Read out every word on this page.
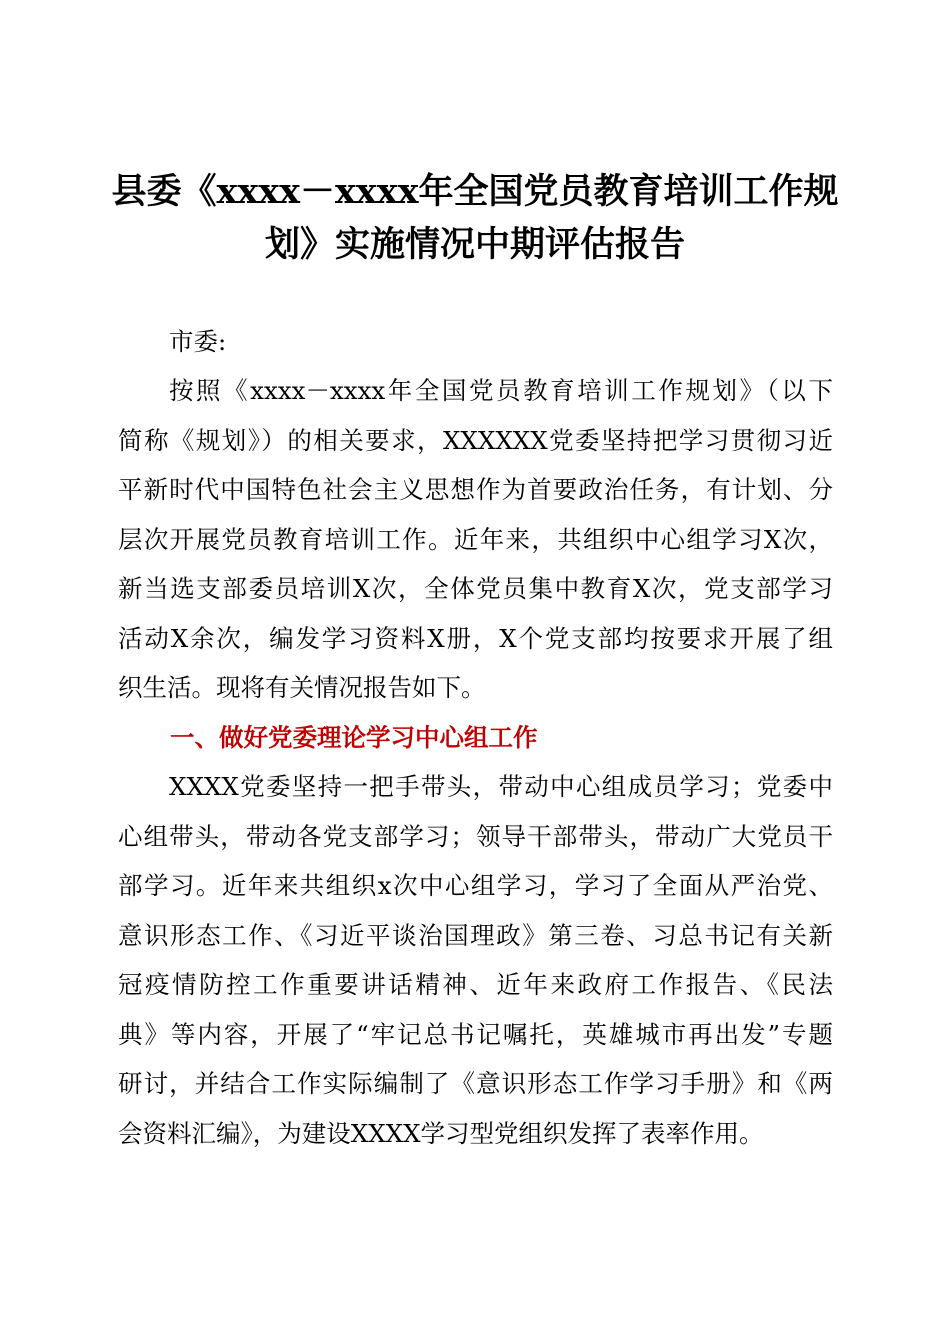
县委《xxxx－xxxx年全国党员教育培训工作规
划》实施情况中期评估报告

市委:

按照《xxxx－xxxx年全国党员教育培训工作规划》（以下
简称《规划》）的相关要求，XXXXXX党委坚持把学习贯彻习近
平新时代中国特色社会主义思想作为首要政治任务，有计划、分
层次开展党员教育培训工作。近年来，共组织中心组学习X次，
新当选支部委员培训X次，全体党员集中教育X次，党支部学习
活动X余次，编发学习资料X册，X个党支部均按要求开展了组
织生活。现将有关情况报告如下。

一、做好党委理论学习中心组工作

XXXX党委坚持一把手带头，带动中心组成员学习；党委中
心组带头，带动各党支部学习；领导干部带头，带动广大党员干
部学习。近年来共组织x次中心组学习，学习了全面从严治党、
意识形态工作、《习近平谈治国理政》第三卷、习总书记有关新
冠疫情防控工作重要讲话精神、近年来政府工作报告、《民法
典》等内容，开展了“牢记总书记嘱托，英雄城市再出发”专题
研讨，并结合工作实际编制了《意识形态工作学习手册》和《两
会资料汇编》，为建设XXXX学习型党组织发挥了表率作用。
